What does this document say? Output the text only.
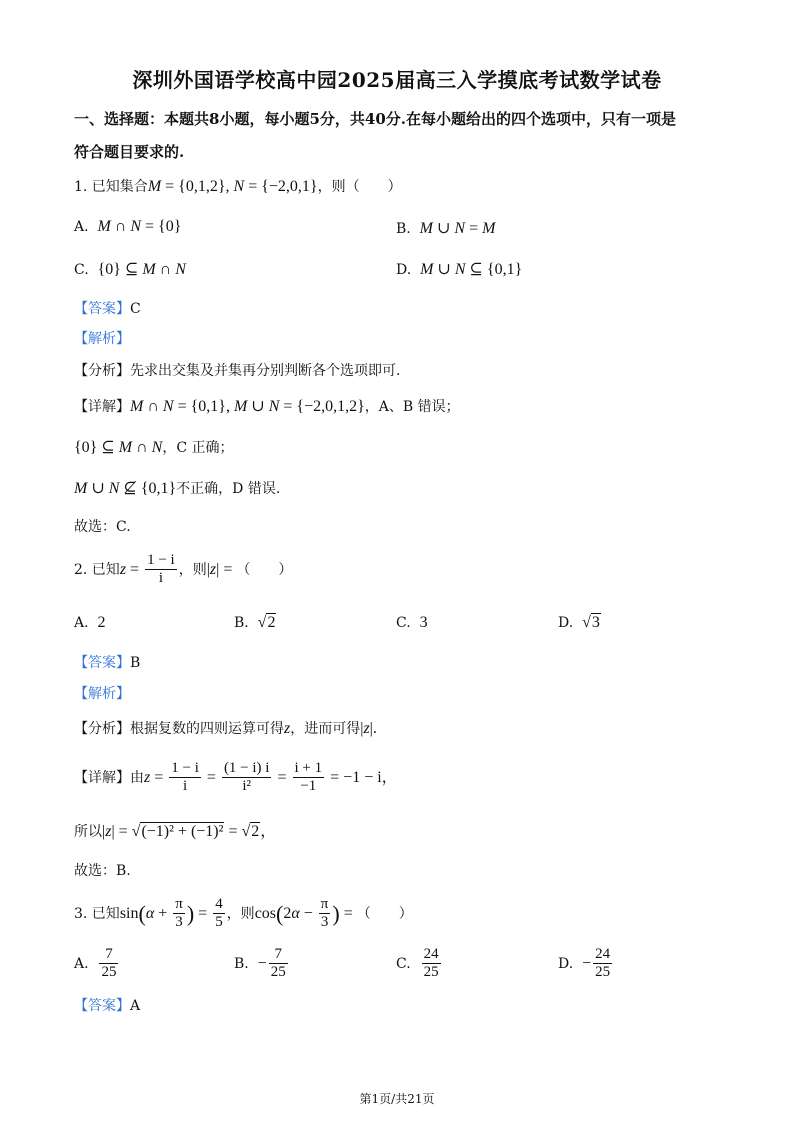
深圳外国语学校高中园2025届高三入学摸底考试数学试卷
一、选择题：本题共8小题，每小题5分，共40分.在每小题给出的四个选项中，只有一项是
符合题目要求的.
1. 已知集合M = {0,1,2}, N = {−2,0,1}，则（　　）
A. M ∩ N = {0}	B. M ∪ N = M
C. {0} ⊆ M ∩ N	D. M ∪ N ⊆ {0,1}
【答案】C
【解析】
【分析】先求出交集及并集再分别判断各个选项即可.
【详解】M ∩ N = {0,1}, M ∪ N = {−2,0,1,2}，A、B 错误；
{0} ⊆ M ∩ N，C 正确；
M ∪ N ⊈ {0,1}不正确，D 错误.
故选：C.
2. 已知$z = \frac{1 - i}{i}$ ，则|z| = （　　）
A. 2	B. √2	C. 3	D. √3
【答案】B
【解析】
【分析】根据复数的四则运算可得z，进而可得|z|.
【详解】由$z = \frac{1 - i}{i} = \frac{(1 - i) i}{\text{i²}} = \frac{i + 1}{-1} = -1 - i$，
所以|z| = √(−1)² + (−1)² = √2，
故选：B.
3. 已知$\sin(\alpha + \frac{\pi}{3}$ ) = $\frac{4}{5}$ ，则$\cos(2\alpha - \frac{\pi}{3}$ ) = （　　）
A. $\frac{7}{25}$	B. − $\frac{7}{25}$	C. $\frac{24}{25}$	D. − $\frac{24}{25}$
【答案】A
第1页/共21页
